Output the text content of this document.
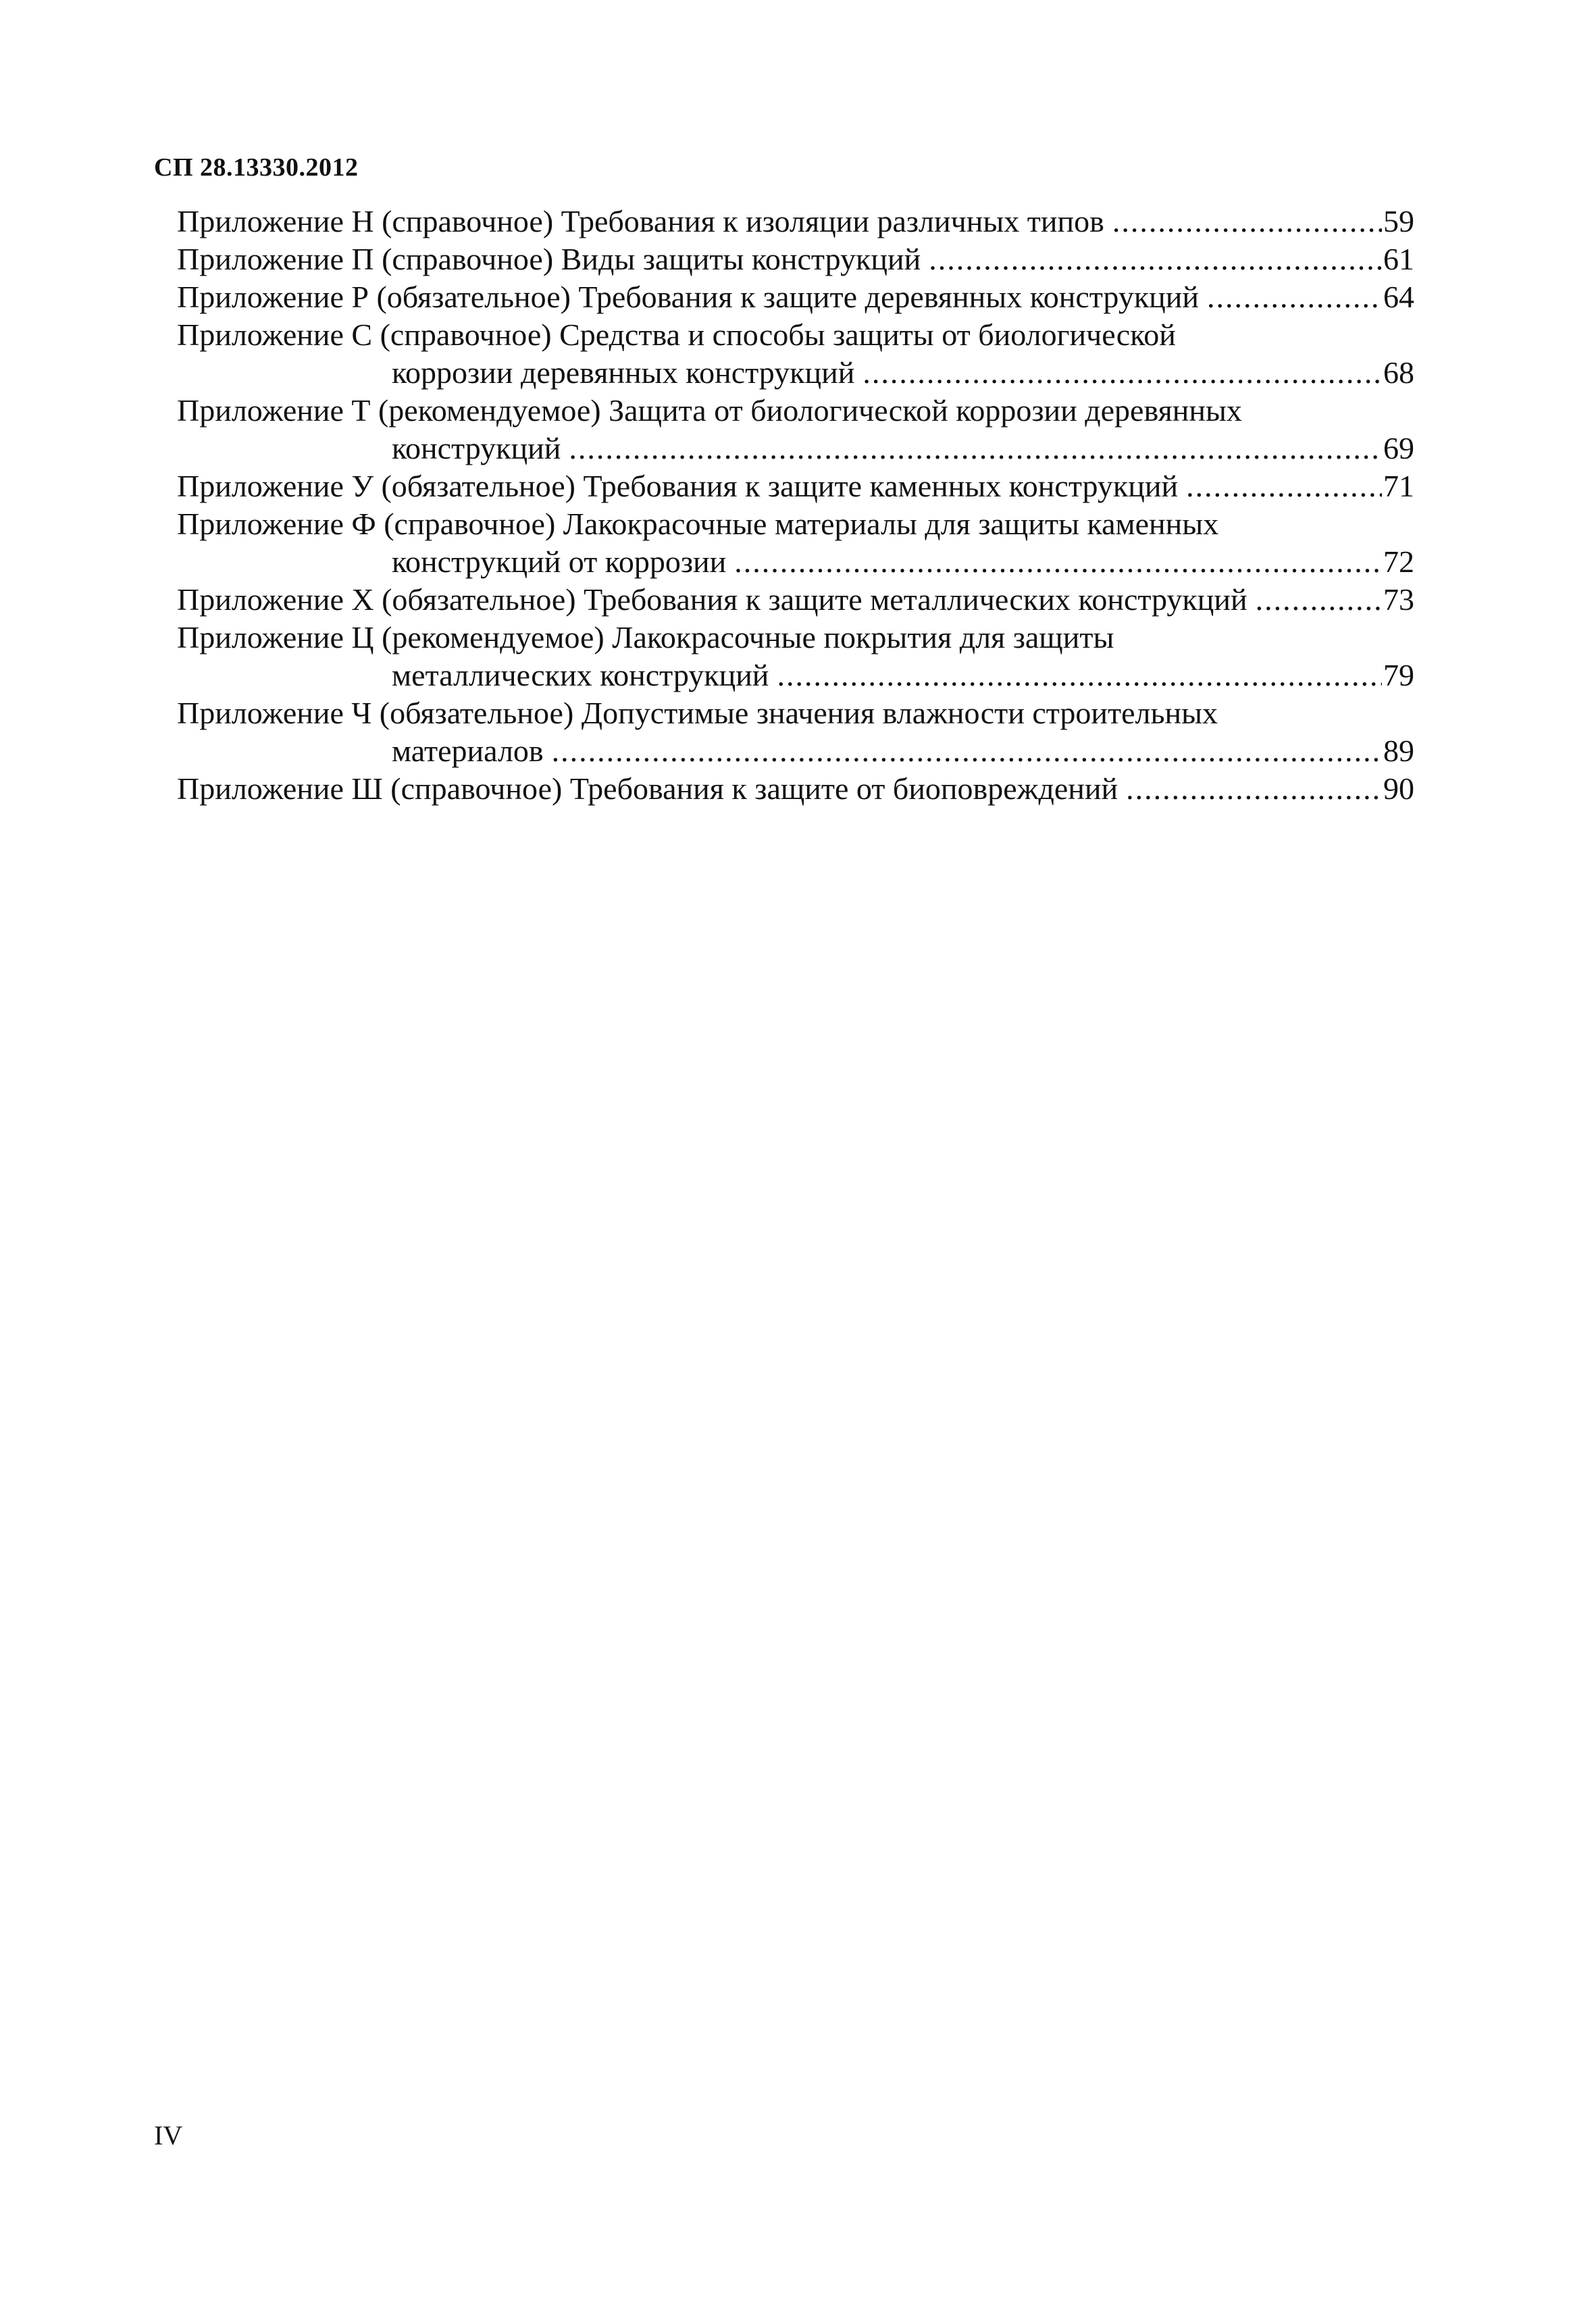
СП 28.13330.2012
Приложение Н (справочное) Требования к изоляции различных типов .....	59
Приложение П (справочное) Виды защиты конструкций .....	61
Приложение Р (обязательное) Требования к защите деревянных конструкций .....	64
Приложение С (справочное) Средства и способы защиты от биологической
коррозии деревянных конструкций .....	68
Приложение Т (рекомендуемое) Защита от биологической коррозии деревянных
конструкций .....	69
Приложение У (обязательное) Требования к защите каменных конструкций .....	71
Приложение Ф (справочное) Лакокрасочные материалы для защиты каменных
конструкций от коррозии .....	72
Приложение Х (обязательное) Требования к защите металлических конструкций .....	73
Приложение Ц (рекомендуемое) Лакокрасочные покрытия для защиты
металлических конструкций .....	79
Приложение Ч (обязательное) Допустимые значения влажности строительных
материалов .....	89
Приложение Ш (справочное) Требования к защите от биоповреждений .....	90
IV
